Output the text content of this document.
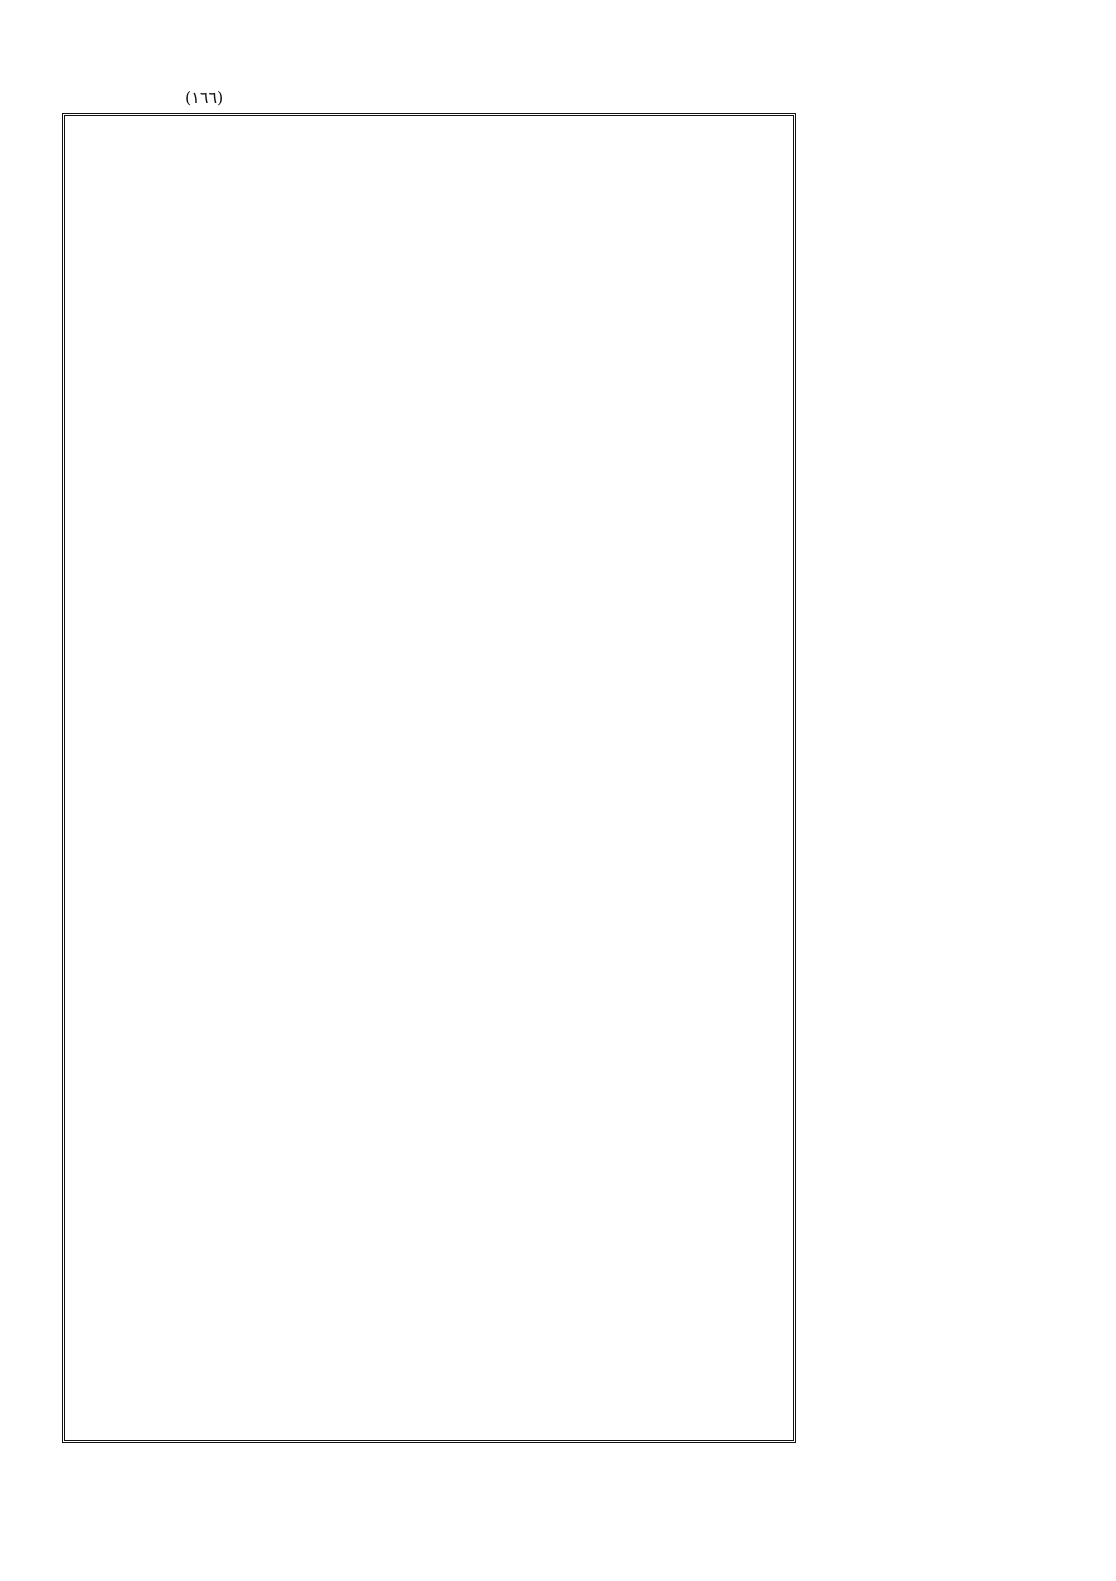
(١٦٦)
